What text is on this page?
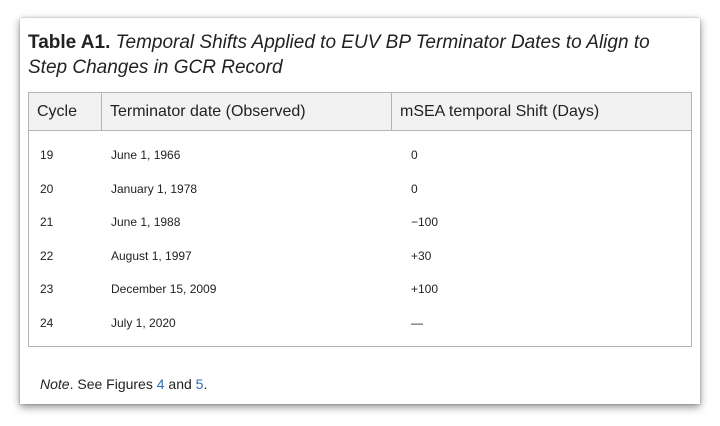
Table A1. Temporal Shifts Applied to EUV BP Terminator Dates to Align to Step Changes in GCR Record
Cycle	Terminator date (Observed)	mSEA temporal Shift (Days)
19	June 1, 1966	0
20	January 1, 1978	0
21	June 1, 1988	−100
22	August 1, 1997	+30
23	December 15, 2009	+100
24	July 1, 2020	—
Note. See Figures 4 and 5.
